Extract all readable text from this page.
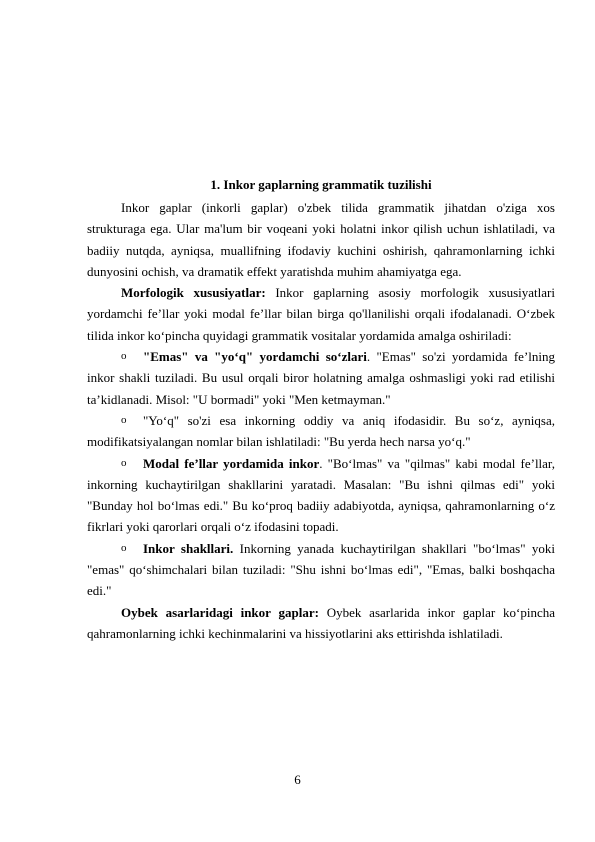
1. Inkor gaplarning grammatik tuzilishi

Inkor gaplar (inkorli gaplar) o'zbek tilida grammatik jihatdan o'ziga xos strukturaga ega. Ular ma'lum bir voqeani yoki holatni inkor qilish uchun ishlatiladi, va badiiy nutqda, ayniqsa, muallifning ifodaviy kuchini oshirish, qahramonlarning ichki dunyosini ochish, va dramatik effekt yaratishda muhim ahamiyatga ega.

Morfologik xususiyatlar: Inkor gaplarning asosiy morfologik xususiyatlari yordamchi fe’llar yoki modal fe’llar bilan birga qo'llanilishi orqali ifodalanadi. O‘zbek tilida inkor ko‘pincha quyidagi grammatik vositalar yordamida amalga oshiriladi:

o "Emas" va "yo‘q" yordamchi so‘zlari. "Emas" so'zi yordamida fe’lning inkor shakli tuziladi. Bu usul orqali biror holatning amalga oshmasligi yoki rad etilishi ta’kidlanadi. Misol: "U bormadi" yoki "Men ketmayman."

o "Yo‘q" so'zi esa inkorning oddiy va aniq ifodasidir. Bu so‘z, ayniqsa, modifikatsiyalangan nomlar bilan ishlatiladi: "Bu yerda hech narsa yo‘q."

o Modal fe’llar yordamida inkor. "Bo‘lmas" va "qilmas" kabi modal fe’llar, inkorning kuchaytirilgan shakllarini yaratadi. Masalan: "Bu ishni qilmas edi" yoki "Bunday hol bo‘lmas edi." Bu ko‘proq badiiy adabiyotda, ayniqsa, qahramonlarning o‘z fikrlari yoki qarorlari orqali o‘z ifodasini topadi.

o Inkor shakllari. Inkorning yanada kuchaytirilgan shakllari "bo‘lmas" yoki "emas" qo‘shimchalari bilan tuziladi: "Shu ishni bo‘lmas edi", "Emas, balki boshqacha edi."

Oybek asarlaridagi inkor gaplar: Oybek asarlarida inkor gaplar ko‘pincha qahramonlarning ichki kechinmalarini va hissiyotlarini aks ettirishda ishlatiladi.

6
